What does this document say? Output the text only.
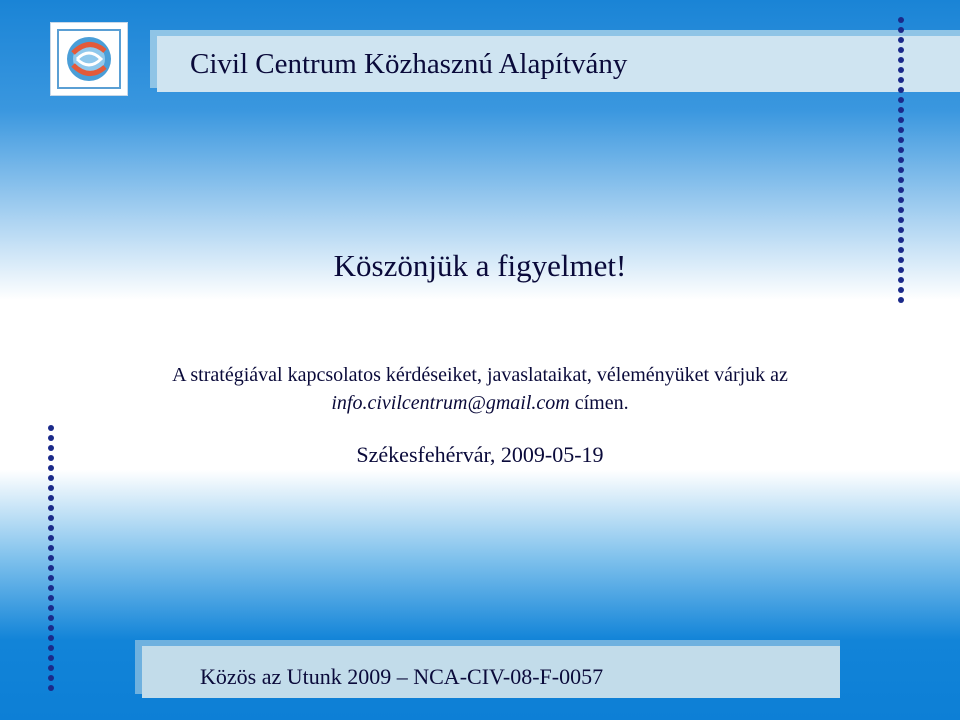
Civil Centrum Közhasznú Alapítvány
Köszönjük a figyelmet!
A stratégiával kapcsolatos kérdéseiket, javaslataikat, véleményüket várjuk az
info.civilcentrum@gmail.com címen.
Székesfehérvár, 2009-05-19
Közös az Utunk 2009 – NCA-CIV-08-F-0057
